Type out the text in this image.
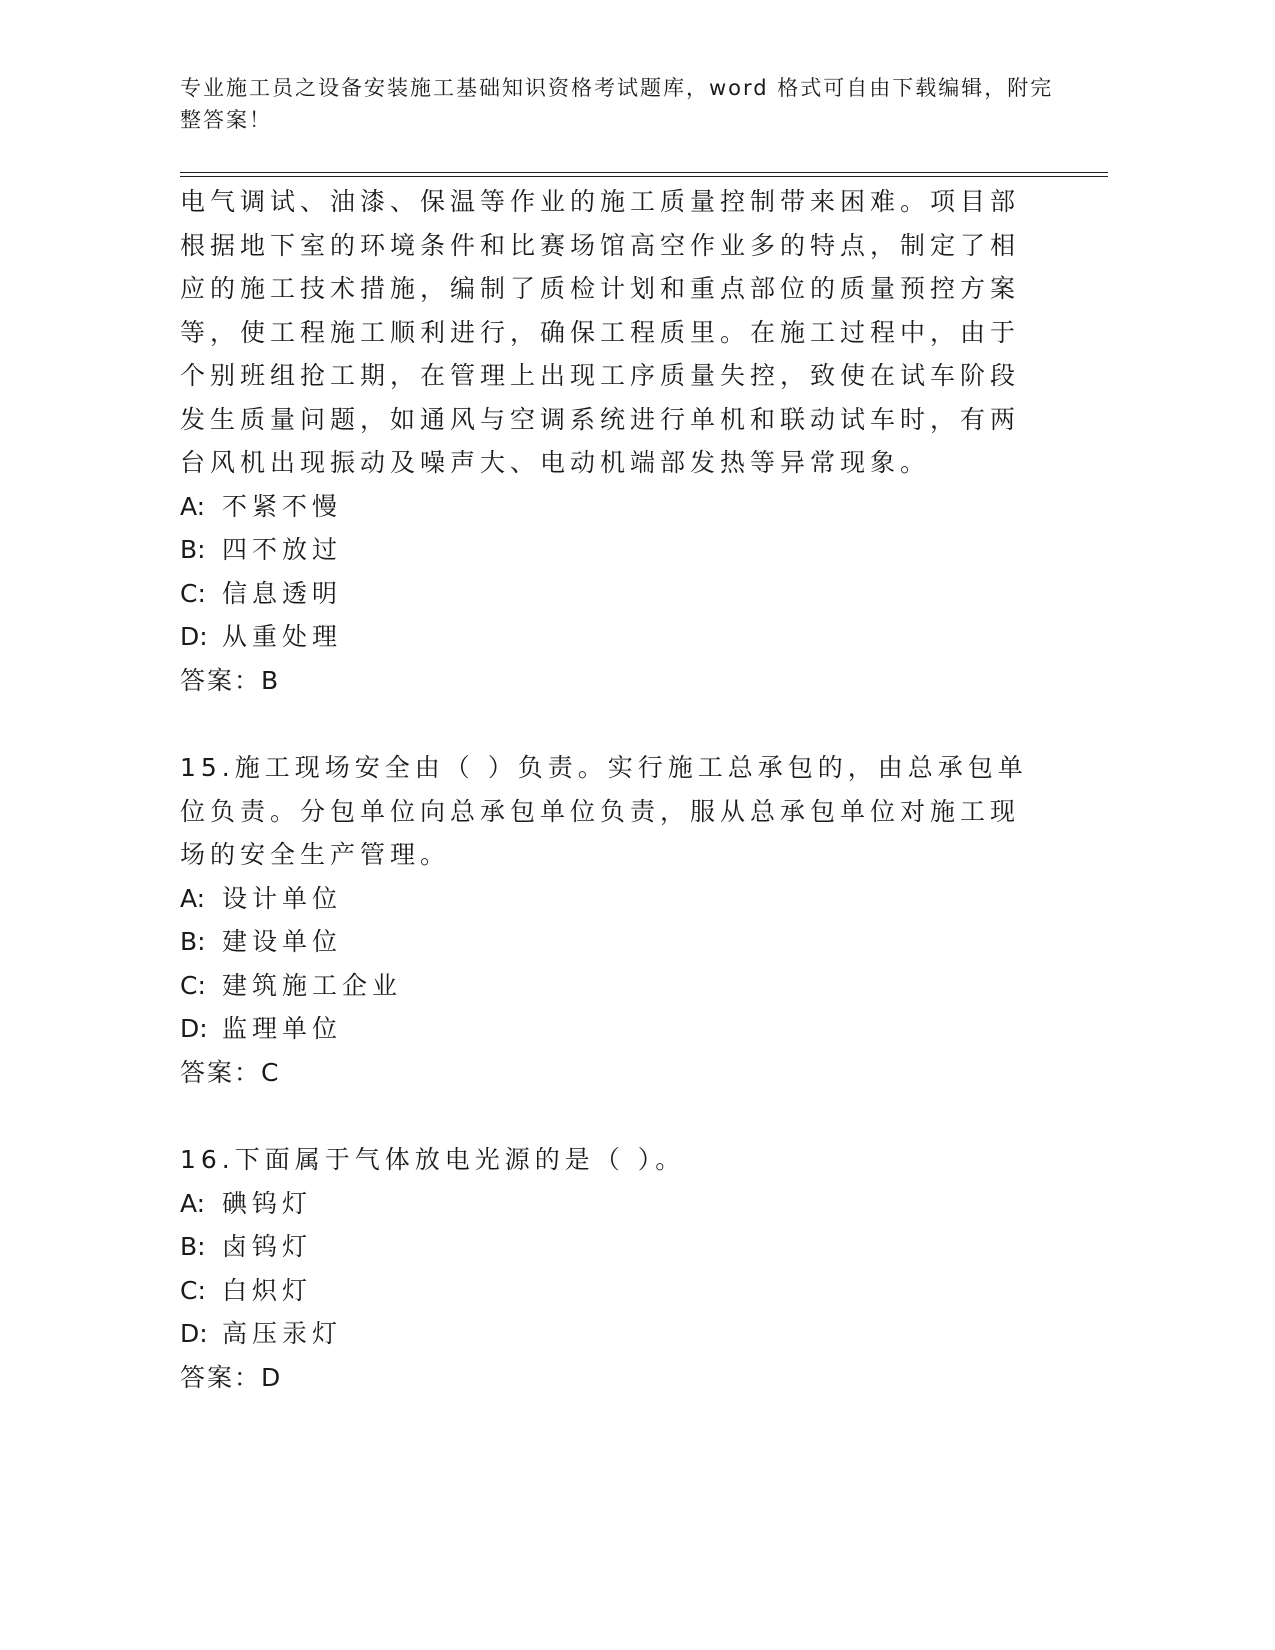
专业施工员之设备安装施工基础知识资格考试题库，word 格式可自由下载编辑，附完整答案！

电气调试、油漆、保温等作业的施工质量控制带来困难。项目部根据地下室的环境条件和比赛场馆高空作业多的特点，制定了相应的施工技术措施，编制了质检计划和重点部位的质量预控方案等，使工程施工顺利进行，确保工程质里。在施工过程中，由于个别班组抢工期，在管理上出现工序质量失控，致使在试车阶段发生质量问题，如通风与空调系统进行单机和联动试车时，有两台风机出现振动及噪声大、电动机端部发热等异常现象。

A: 不紧不慢
B: 四不放过
C: 信息透明
D: 从重处理
答案：B

15.施工现场安全由（ ）负责。实行施工总承包的，由总承包单位负责。分包单位向总承包单位负责，服从总承包单位对施工现场的安全生产管理。

A: 设计单位
B: 建设单位
C: 建筑施工企业
D: 监理单位
答案：C

16.下面属于气体放电光源的是（ ）。

A: 碘钨灯
B: 卤钨灯
C: 白炽灯
D: 高压汞灯
答案：D
